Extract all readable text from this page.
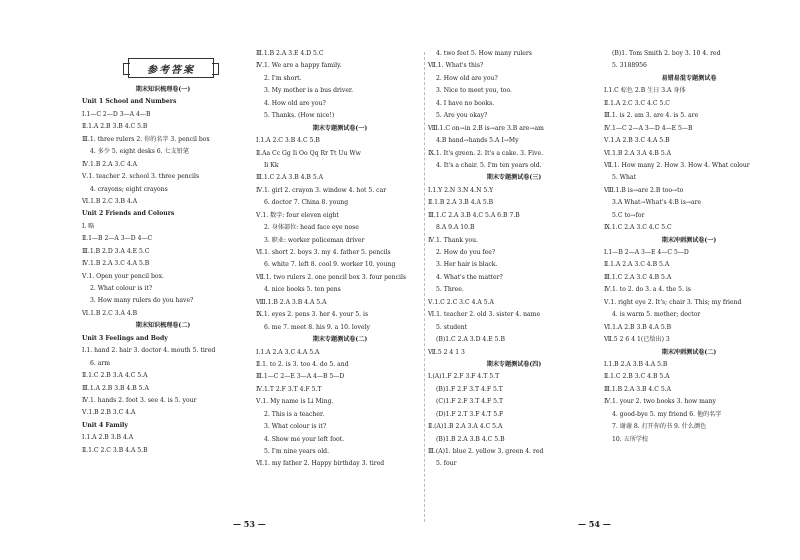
参考答案
期末知识梳理卷(一)
Unit 1 School and Numbers
Ⅰ.1—C 2—D 3—A 4—B
Ⅱ.1.A 2.B 3.B 4.C 5.B
Ⅲ.1. three rulers 2. 你的名字 3. pencil box
4. 多少 5. eight desks 6. 七支铅笔
Ⅳ.1.B 2.A 3.C 4.A
Ⅴ.1. teacher 2. school 3. three pencils
4. crayons; eight crayons
Ⅵ.1.B 2.C 3.B 4.A
Unit 2 Friends and Colours
Ⅰ. 略
Ⅱ.1—B 2—A 3—D 4—C
Ⅲ.1.B 2.D 3.A 4.E 5.C
Ⅳ.1.B 2.A 3.C 4.A 5.B
Ⅴ.1. Open your pencil box.
2. What colour is it?
3. How many rulers do you have?
Ⅵ.1.B 2.C 3.A 4.B
期末知识梳理卷(二)
Unit 3 Feelings and Body
Ⅰ.1. hand 2. hair 3. doctor 4. mouth 5. tired
6. arm
Ⅱ.1.C 2.B 3.A 4.C 5.A
Ⅲ.1.A 2.B 3.B 4.B 5.A
Ⅳ.1. hands 2. foot 3. see 4. is 5. your
Ⅴ.1.B 2.B 3.C 4.A
Unit 4 Family
Ⅰ.1.A 2.B 3.B 4.A
Ⅱ.1.C 2.C 3.B 4.A 5.B
Ⅲ.1.B 2.A 3.E 4.D 5.C
Ⅳ.1. We are a happy family.
2. I'm short.
3. My mother is a bus driver.
4. How old are you?
5. Thanks. (How nice!)
期末专题测试卷(一)
Ⅰ.1.A 2.C 3.B 4.C 5.B
Ⅱ.Aa Cc Gg Ii Oo Qq Rr Tt Uu Ww
Ii Kk
Ⅲ.1.C 2.A 3.B 4.B 5.A
Ⅳ.1. girl 2. crayon 3. window 4. hot 5. car
6. doctor 7. China 8. young
Ⅴ.1. 数字: four eleven eight
2. 身体部位: head face eye nose
3. 职业: worker policeman driver
Ⅵ.1. short 2. boys 3. my 4. father 5. pencils
6. white 7. left 8. cool 9. worker 10. young
Ⅶ.1. two rulers 2. one pencil box 3. four pencils
4. nice books 5. ten pens
Ⅷ.1.B 2.A 3.B 4.A 5.A
Ⅸ.1. eyes 2. pens 3. her 4. your 5. is
6. me 7. meet 8. his 9. a 10. lovely
期末专题测试卷(二)
Ⅰ.1.A 2.A 3.C 4.A 5.A
Ⅱ.1. to 2. is 3. too 4. do 5. and
Ⅲ.1—C 2—E 3—A 4—B 5—D
Ⅳ.1.T 2.F 3.T 4.F 5.T
Ⅴ.1. My name is Li Ming.
2. This is a teacher.
3. What colour is it?
4. Show me your left foot.
5. I'm nine years old.
Ⅵ.1. my father 2. Happy birthday 3. tired
4. two feet 5. How many rulers
Ⅶ.1. What's this?
2. How old are you?
3. Nice to meet you, too.
4. I have no books.
5. Are you okay?
Ⅷ.1.C on→in 2.B is→are 3.B are→am
4.B hand→hands 5.A I→My
Ⅸ.1. It's green. 2. It's a cake. 3. Five.
4. It's a chair. 5. I'm ten years old.
期末专题测试卷(三)
Ⅰ.1.Y 2.N 3.N 4.N 5.Y
Ⅱ.1.B 2.A 3.B 4.A 5.B
Ⅲ.1.C 2.A 3.B 4.C 5.A 6.B 7.B
8.A 9.A 10.B
Ⅳ.1. Thank you.
2. How do you fee?
3. Her hair is black.
4. What's the matter?
5. Three.
Ⅴ.1.C 2.C 3.C 4.A 5.A
Ⅵ.1. teacher 2. old 3. sister 4. name
5. student
(B)1.C 2.A 3.D 4.E 5.B
Ⅶ.5 2 4 1 3
期末专题测试卷(四)
Ⅰ.(A)1.F 2.F 3.F 4.T 5.T
(B)1.F 2.F 3.T 4.F 5.T
(C)1.F 2.F 3.T 4.F 5.T
(D)1.F 2.T 3.F 4.T 5.F
Ⅱ.(A)1.B 2.A 3.A 4.C 5.A
(B)1.B 2.A 3.B 4.C 5.B
Ⅲ.(A)1. blue 2. yellow 3. green 4. red
5. four
(B)1. Tom Smith 2. boy 3. 10 4. red
5. 3188956
易错易混专题测试卷
Ⅰ.1.C 棕色 2.B 生日 3.A 身体
Ⅱ.1.A 2.C 3.C 4.C 5.C
Ⅲ.1. is 2. am 3. are 4. is 5. are
Ⅳ.1—C 2—A 3—D 4—E 5—B
Ⅴ.1.A 2.B 3.C 4.A 5.B
Ⅵ.1.B 2.A 3.A 4.B 5.A
Ⅶ.1. How many 2. How 3. How 4. What colour
5. What
Ⅷ.1.B is→are 2.B too→to
3.A What→What's 4.B is→are
5.C to→for
Ⅸ.1.C 2.A 3.C 4.C 5.C
期末冲刺测试卷(一)
Ⅰ.1—B 2—A 3—E 4—C 5—D
Ⅱ.1.A 2.A 3.C 4.B 5.A
Ⅲ.1.C 2.A 3.C 4.B 5.A
Ⅳ.1. to 2. do 3. a 4. the 5. is
Ⅴ.1. right eye 2. It's; chair 3. This; my friend
4. is warm 5. mother; doctor
Ⅵ.1.A 2.B 3.B 4.A 5.B
Ⅶ.5 2 6 4 1(已给出) 3
期末冲刺测试卷(二)
Ⅰ.1.B 2.A 3.B 4.A 5.B
Ⅱ.1.C 2.B 3.C 4.B 5.A
Ⅲ.1.B 2.A 3.B 4.C 5.A
Ⅳ.1. your 2. two books 3. how many
4. good-bye 5. my friend 6. 他的名字
7. 谢谢 8. 打开你的书 9. 什么颜色
10. 五所学校
— 53 —	— 54 —
